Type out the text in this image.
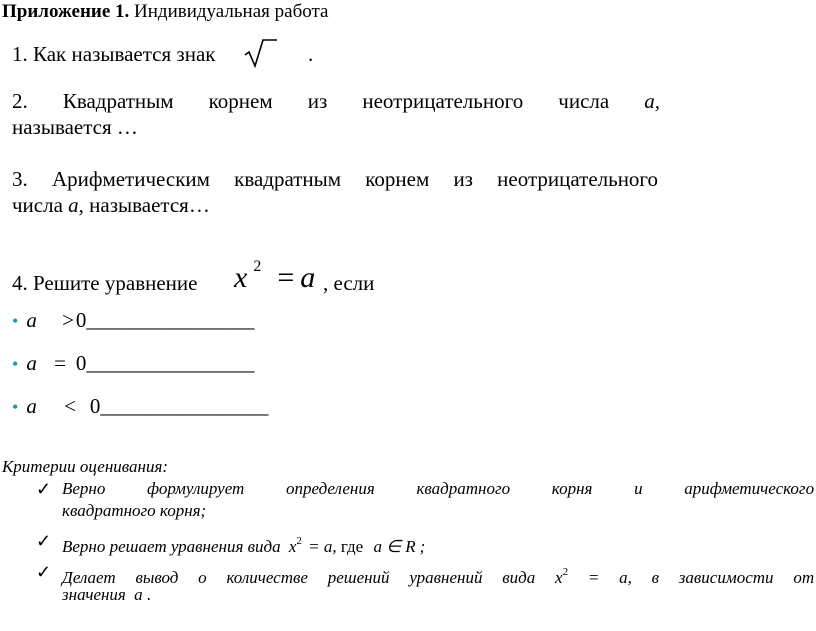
Приложение 1. Индивидуальная работа
1. Как называется знак	.
2. Квадратным корнем из неотрицательного числа а,
называется …
3. Арифметическим квадратным корнем из неотрицательного
числа а, называется…
4. Решите уравнение x 2 = a , если
• a >0________________
• a = 0________________
• a < 0________________
Критерии оценивания:
✓ Верно формулирует определения квадратного корня и арифметического
квадратного корня;
✓ Верно решает уравнения вида $x^2 = a$, где a ∈ R ;
✓ Делает вывод о количестве решений уравнений вида $x^2 = a$, в зависимости от
значения a .
